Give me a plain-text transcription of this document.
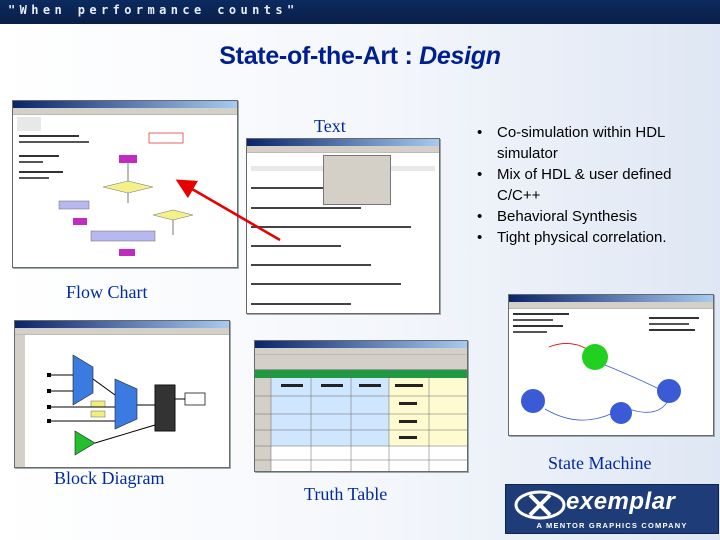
"When performance counts"
State-of-the-Art : Design

Text
Flow Chart
Block Diagram
Truth Table
State Machine
• Co-simulation within HDL simulator
• Mix of HDL & user defined C/C++
• Behavioral Synthesis
• Tight physical correlation.
exemplar
A MENTOR GRAPHICS COMPANY
